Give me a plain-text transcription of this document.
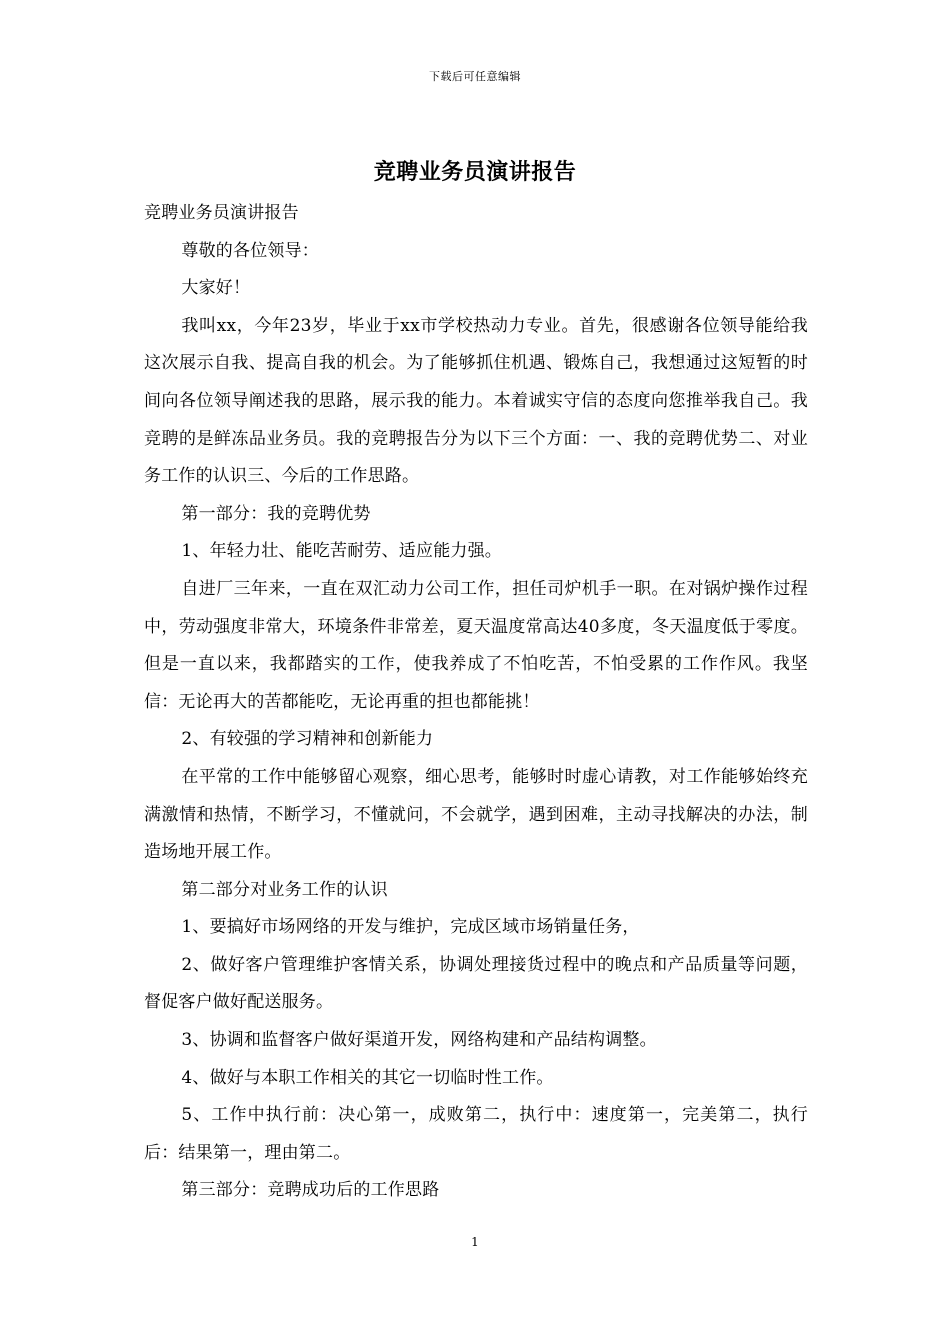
下载后可任意编辑
竞聘业务员演讲报告

竞聘业务员演讲报告

尊敬的各位领导：

大家好！

我叫xx，今年23岁，毕业于xx市学校热动力专业。首先，很感谢各位领导能给我这次展示自我、提高自我的机会。为了能够抓住机遇、锻炼自己，我想通过这短暂的时间向各位领导阐述我的思路，展示我的能力。本着诚实守信的态度向您推举我自己。我竞聘的是鲜冻品业务员。我的竞聘报告分为以下三个方面：一、我的竞聘优势二、对业务工作的认识三、今后的工作思路。

第一部分：我的竞聘优势

1、年轻力壮、能吃苦耐劳、适应能力强。

自进厂三年来，一直在双汇动力公司工作，担任司炉机手一职。在对锅炉操作过程中，劳动强度非常大，环境条件非常差，夏天温度常高达40多度，冬天温度低于零度。但是一直以来，我都踏实的工作，使我养成了不怕吃苦，不怕受累的工作作风。我坚信：无论再大的苦都能吃，无论再重的担也都能挑！

2、有较强的学习精神和创新能力

在平常的工作中能够留心观察，细心思考，能够时时虚心请教，对工作能够始终充满激情和热情，不断学习，不懂就问，不会就学，遇到困难，主动寻找解决的办法，制造场地开展工作。

第二部分对业务工作的认识

1、要搞好市场网络的开发与维护，完成区域市场销量任务，

2、做好客户管理维护客情关系，协调处理接货过程中的晚点和产品质量等问题，督促客户做好配送服务。

3、协调和监督客户做好渠道开发，网络构建和产品结构调整。

4、做好与本职工作相关的其它一切临时性工作。

5、工作中执行前：决心第一，成败第二，执行中：速度第一，完美第二，执行后：结果第一，理由第二。

第三部分：竞聘成功后的工作思路

1
